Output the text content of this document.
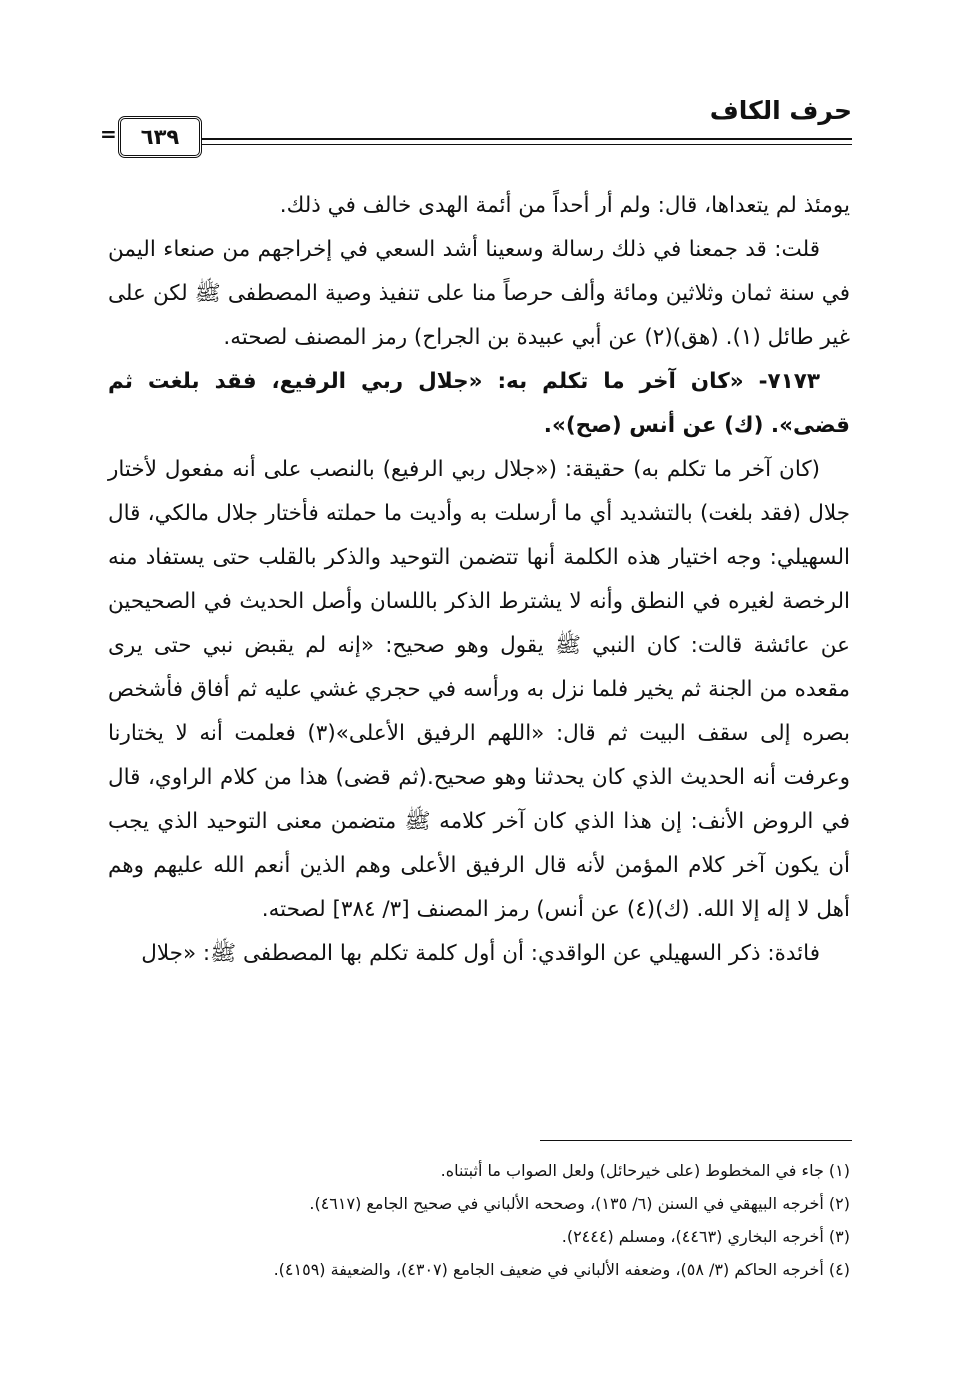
حرف الكاف
= ٦٣٩

يومئذ لم يتعداها، قال: ولم أر أحداً من أئمة الهدى خالف في ذلك.

قلت: قد جمعنا في ذلك رسالة وسعينا أشد السعي في إخراجهم من صنعاء اليمن في سنة ثمان وثلاثين ومائة وألف حرصاً منا على تنفيذ وصية المصطفى ﷺ لكن على غير طائل (١). (هق)(٢) عن أبي عبيدة بن الجراح) رمز المصنف لصحته.

٧١٧٣- «كان آخر ما تكلم به: «جلال ربي الرفيع، فقد بلغت ثم قضى». (ك) عن أنس (صح)».

(كان آخر ما تكلم به) حقيقة: («جلال ربي الرفيع) بالنصب على أنه مفعول لأختار جلال (فقد بلغت) بالتشديد أي ما أرسلت به وأديت ما حملته فأختار جلال مالكي، قال السهيلي: وجه اختيار هذه الكلمة أنها تتضمن التوحيد والذكر بالقلب حتى يستفاد منه الرخصة لغيره في النطق وأنه لا يشترط الذكر باللسان وأصل الحديث في الصحيحين عن عائشة قالت: كان النبي ﷺ يقول وهو صحيح: «إنه لم يقبض نبي حتى يرى مقعده من الجنة ثم يخير فلما نزل به ورأسه في حجري غشي عليه ثم أفاق فأشخص بصره إلى سقف البيت ثم قال: «اللهم الرفيق الأعلى»(٣) فعلمت أنه لا يختارنا وعرفت أنه الحديث الذي كان يحدثنا وهو صحيح.(ثم قضى) هذا من كلام الراوي، قال في الروض الأنف: إن هذا الذي كان آخر كلامه ﷺ متضمن معنى التوحيد الذي يجب أن يكون آخر كلام المؤمن لأنه قال الرفيق الأعلى وهم الذين أنعم الله عليهم وهم أهل لا إله إلا الله. (ك)(٤) عن أنس) رمز المصنف [٣/ ٣٨٤] لصحته.

فائدة: ذكر السهيلي عن الواقدي: أن أول كلمة تكلم بها المصطفى ﷺ: «جلال

(١) جاء في المخطوط (على خيرحائل) ولعل الصواب ما أثبتناه.

(٢) أخرجه البيهقي في السنن (٦/ ١٣٥)، وصححه الألباني في صحيح الجامع (٤٦١٧).

(٣) أخرجه البخاري (٤٤٦٣)، ومسلم (٢٤٤٤).

(٤) أخرجه الحاكم (٣/ ٥٨)، وضعفه الألباني في ضعيف الجامع (٤٣٠٧)، والضعيفة (٤١٥٩).
